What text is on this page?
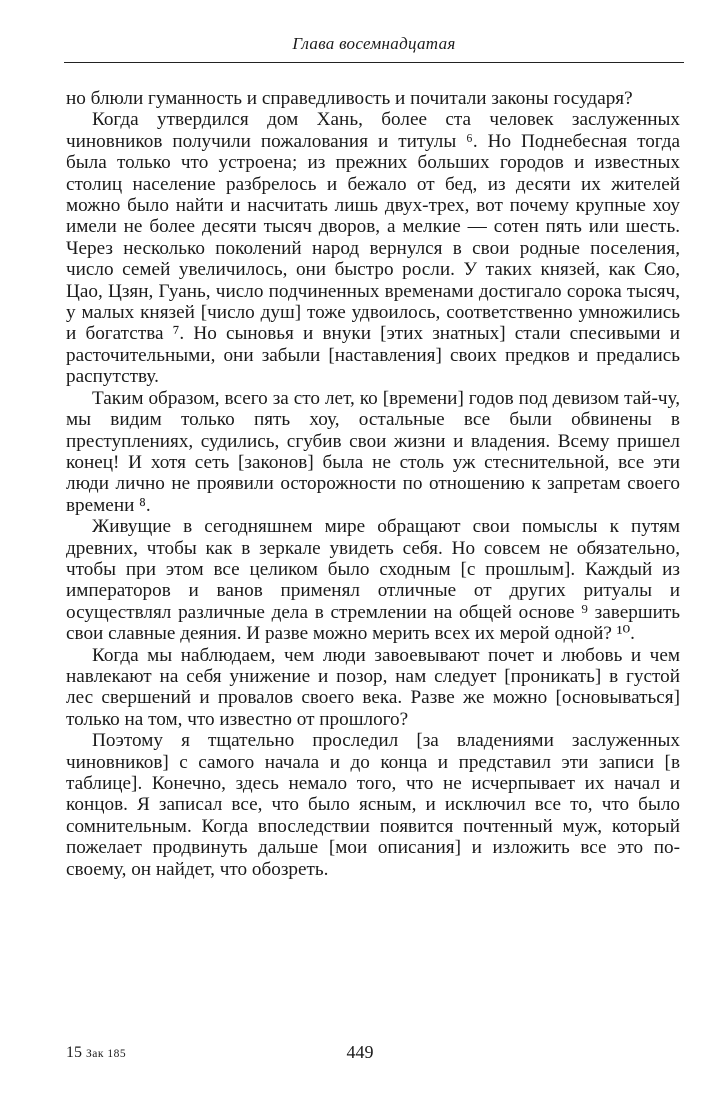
Глава восемнадцатая

но блюли гуманность и справедливость и почитали законы государя?

Когда утвердился дом Хань, более ста человек заслуженных чиновников получили пожалования и титулы ⁶. Но Поднебесная тогда была только что устроена; из прежних больших городов и известных столиц население разбрелось и бежало от бед, из десяти их жителей можно было найти и насчитать лишь двух-трех, вот почему крупные хоу имели не более десяти тысяч дворов, а мелкие — сотен пять или шесть. Через несколько поколений народ вернулся в свои родные поселения, число семей увеличилось, они быстро росли. У таких князей, как Сяо, Цао, Цзян, Гуань, число подчиненных временами достигало сорока тысяч, у малых князей [число душ] тоже удвоилось, соответственно умножились и богатства ⁷. Но сыновья и внуки [этих знатных] стали спесивыми и расточительными, они забыли [наставления] своих предков и предались распутству.

Таким образом, всего за сто лет, ко [времени] годов под девизом тай-чу, мы видим только пять хоу, остальные все были обвинены в преступлениях, судились, сгубив свои жизни и владения. Всему пришел конец! И хотя сеть [законов] была не столь уж стеснительной, все эти люди лично не проявили осторожности по отношению к запретам своего времени ⁸.

Живущие в сегодняшнем мире обращают свои помыслы к путям древних, чтобы как в зеркале увидеть себя. Но совсем не обязательно, чтобы при этом все целиком было сходным [с прошлым]. Каждый из императоров и ванов применял отличные от других ритуалы и осуществлял различные дела в стремлении на общей основе ⁹ завершить свои славные деяния. И разве можно мерить всех их мерой одной? ¹⁰.

Когда мы наблюдаем, чем люди завоевывают почет и любовь и чем навлекают на себя унижение и позор, нам следует [проникать] в густой лес свершений и провалов своего века. Разве же можно [основываться] только на том, что известно от прошлого?

Поэтому я тщательно проследил [за владениями заслуженных чиновников] с самого начала и до конца и представил эти записи [в таблице]. Конечно, здесь немало того, что не исчерпывает их начал и концов. Я записал все, что было ясным, и исключил все то, что было сомнительным. Когда впоследствии появится почтенный муж, который пожелает продвинуть дальше [мои описания] и изложить все это по-своему, он найдет, что обозреть.

15 Зак 185	449
